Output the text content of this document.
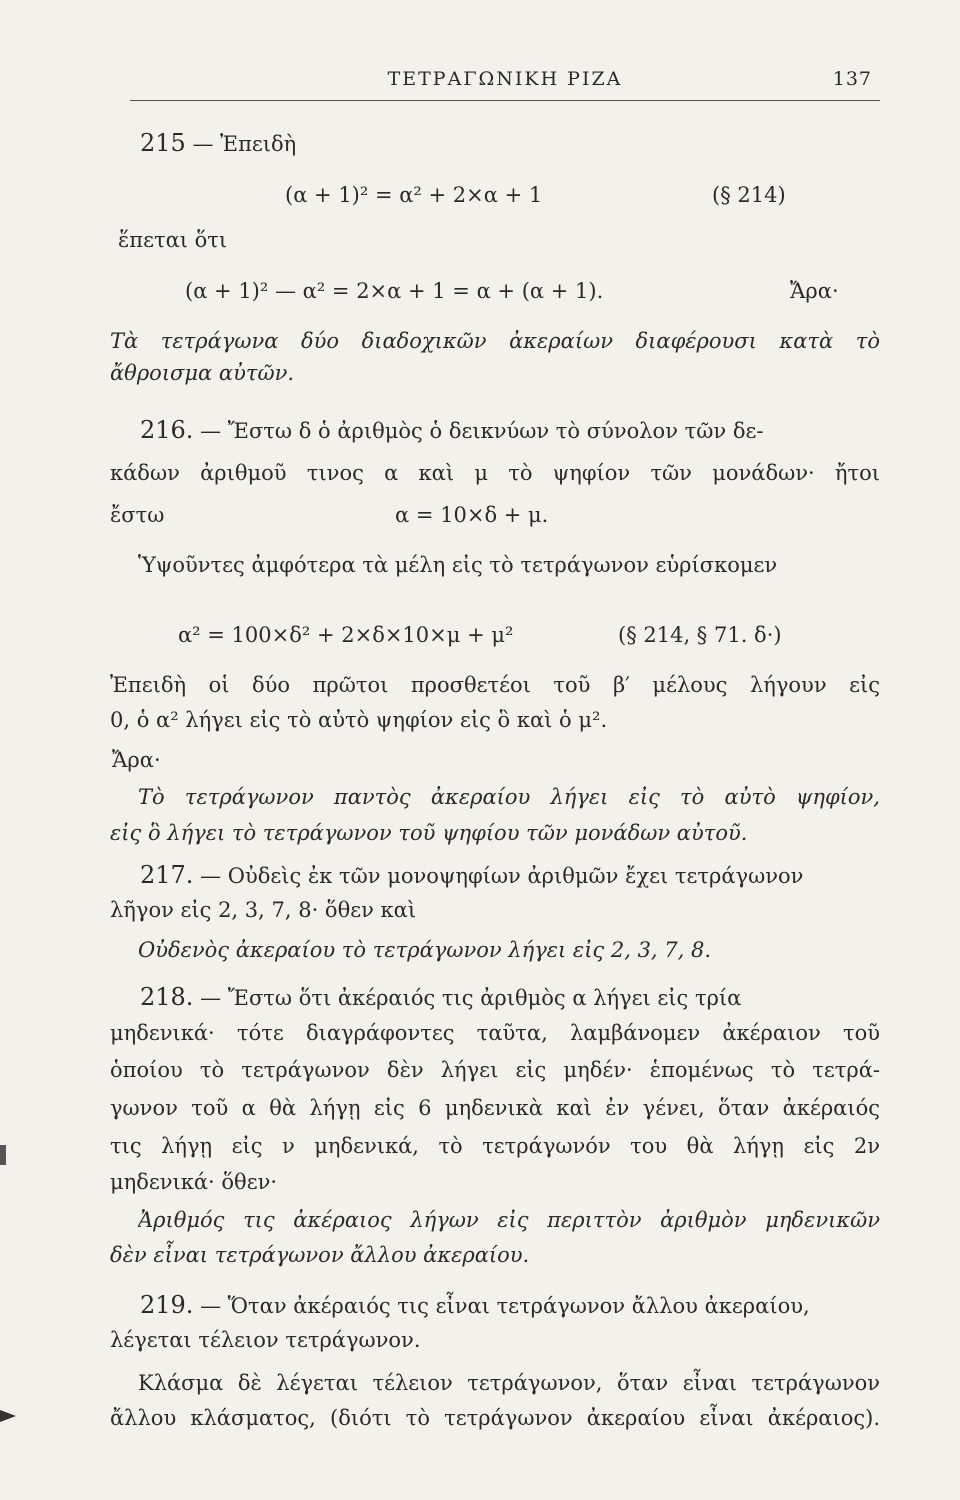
ΤΕΤΡΑΓΩΝΙΚΗ ΡΙΖΑ	137
215 — Ἐπειδὴ
(α + 1)² = α² + 2×α + 1	(§ 214)
ἕπεται ὅτι
(α + 1)² — α² = 2×α + 1 = α + (α + 1).	Ἄρα·
Τὰ τετράγωνα δύο διαδοχικῶν ἀκεραίων διαφέρουσι κατὰ τὸ
ἄθροισμα αὐτῶν.
216. — Ἔστω δ ὁ ἀριθμὸς ὁ δεικνύων τὸ σύνολον τῶν δε-
κάδων ἀριθμοῦ τινος α καὶ μ τὸ ψηφίον τῶν μονάδων· ἤτοι
ἔστω	α = 10×δ + μ.
Ὑψοῦντες ἀμφότερα τὰ μέλη εἰς τὸ τετράγωνον εὑρίσκομεν
α² = 100×δ² + 2×δ×10×μ + μ²	(§ 214, § 71. δ·)
Ἐπειδὴ οἱ δύο πρῶτοι προσθετέοι τοῦ β′ μέλους λήγουν εἰς
0, ὁ α² λήγει εἰς τὸ αὐτὸ ψηφίον εἰς ὃ καὶ ὁ μ².
Ἄρα·
Τὸ τετράγωνον παντὸς ἀκεραίου λήγει εἰς τὸ αὐτὸ ψηφίον,
εἰς ὃ λήγει τὸ τετράγωνον τοῦ ψηφίου τῶν μονάδων αὐτοῦ.
217. — Οὐδεὶς ἐκ τῶν μονοψηφίων ἀριθμῶν ἔχει τετράγωνον
λῆγον εἰς 2, 3, 7, 8· ὅθεν καὶ
Οὐδενὸς ἀκεραίου τὸ τετράγωνον λήγει εἰς 2, 3, 7, 8.
218. — Ἔστω ὅτι ἀκέραιός τις ἀριθμὸς α λήγει εἰς τρία
μηδενικά· τότε διαγράφοντες ταῦτα, λαμβάνομεν ἀκέραιον τοῦ
ὁποίου τὸ τετράγωνον δὲν λήγει εἰς μηδέν· ἑπομένως τὸ τετρά-
γωνον τοῦ α θὰ λήγῃ εἰς 6 μηδενικὰ καὶ ἐν γένει, ὅταν ἀκέραιός
τις λήγῃ εἰς ν μηδενικά, τὸ τετράγωνόν του θὰ λήγῃ εἰς 2ν
μηδενικά· ὅθεν·
Ἀριθμός τις ἀκέραιος λήγων εἰς περιττὸν ἀριθμὸν μηδενικῶν
δὲν εἶναι τετράγωνον ἄλλου ἀκεραίου.
219. — Ὅταν ἀκέραιός τις εἶναι τετράγωνον ἄλλου ἀκεραίου,
λέγεται τέλειον τετράγωνον.
Κλάσμα δὲ λέγεται τέλειον τετράγωνον, ὅταν εἶναι τετράγωνον
ἄλλου κλάσματος, (διότι τὸ τετράγωνον ἀκεραίου εἶναι ἀκέραιος).
